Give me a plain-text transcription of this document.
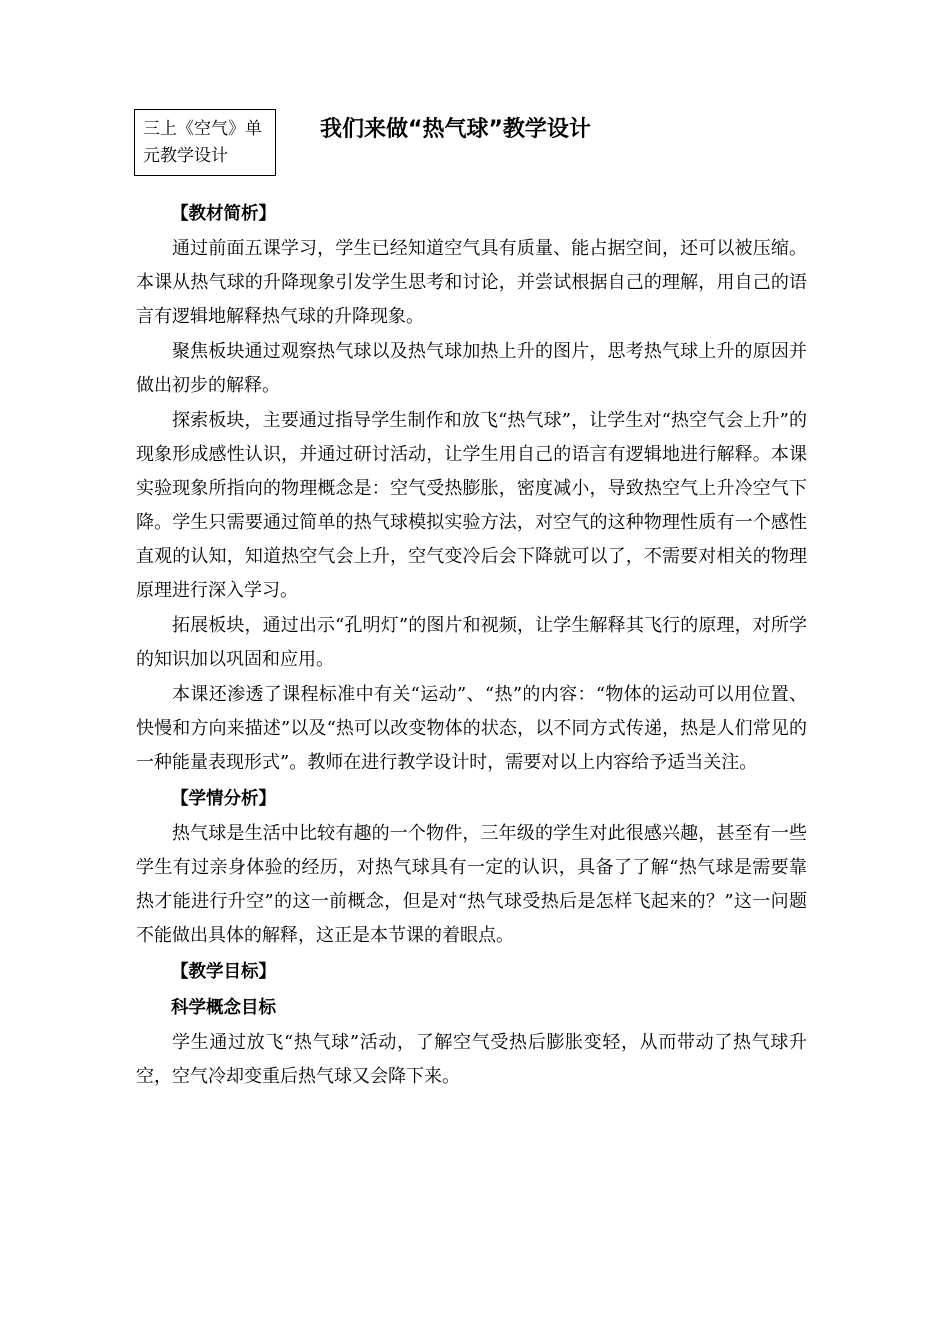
三上《空气》单元教学设计
我们来做“热气球”教学设计

【教材简析】

通过前面五课学习，学生已经知道空气具有质量、能占据空间，还可以被压缩。本课从热气球的升降现象引发学生思考和讨论，并尝试根据自己的理解，用自己的语言有逻辑地解释热气球的升降现象。

聚焦板块通过观察热气球以及热气球加热上升的图片，思考热气球上升的原因并做出初步的解释。

探索板块，主要通过指导学生制作和放飞“热气球”，让学生对“热空气会上升”的现象形成感性认识，并通过研讨活动，让学生用自己的语言有逻辑地进行解释。本课实验现象所指向的物理概念是：空气受热膨胀，密度减小，导致热空气上升冷空气下降。学生只需要通过简单的热气球模拟实验方法，对空气的这种物理性质有一个感性直观的认知，知道热空气会上升，空气变冷后会下降就可以了，不需要对相关的物理原理进行深入学习。

拓展板块，通过出示“孔明灯”的图片和视频，让学生解释其飞行的原理，对所学的知识加以巩固和应用。

本课还渗透了课程标准中有关“运动”、“热”的内容：“物体的运动可以用位置、快慢和方向来描述”以及“热可以改变物体的状态，以不同方式传递，热是人们常见的一种能量表现形式”。教师在进行教学设计时，需要对以上内容给予适当关注。

【学情分析】

热气球是生活中比较有趣的一个物件，三年级的学生对此很感兴趣，甚至有一些学生有过亲身体验的经历，对热气球具有一定的认识，具备了了解“热气球是需要靠热才能进行升空”的这一前概念，但是对“热气球受热后是怎样飞起来的？”这一问题不能做出具体的解释，这正是本节课的着眼点。

【教学目标】

科学概念目标

学生通过放飞“热气球”活动，了解空气受热后膨胀变轻，从而带动了热气球升空，空气冷却变重后热气球又会降下来。
